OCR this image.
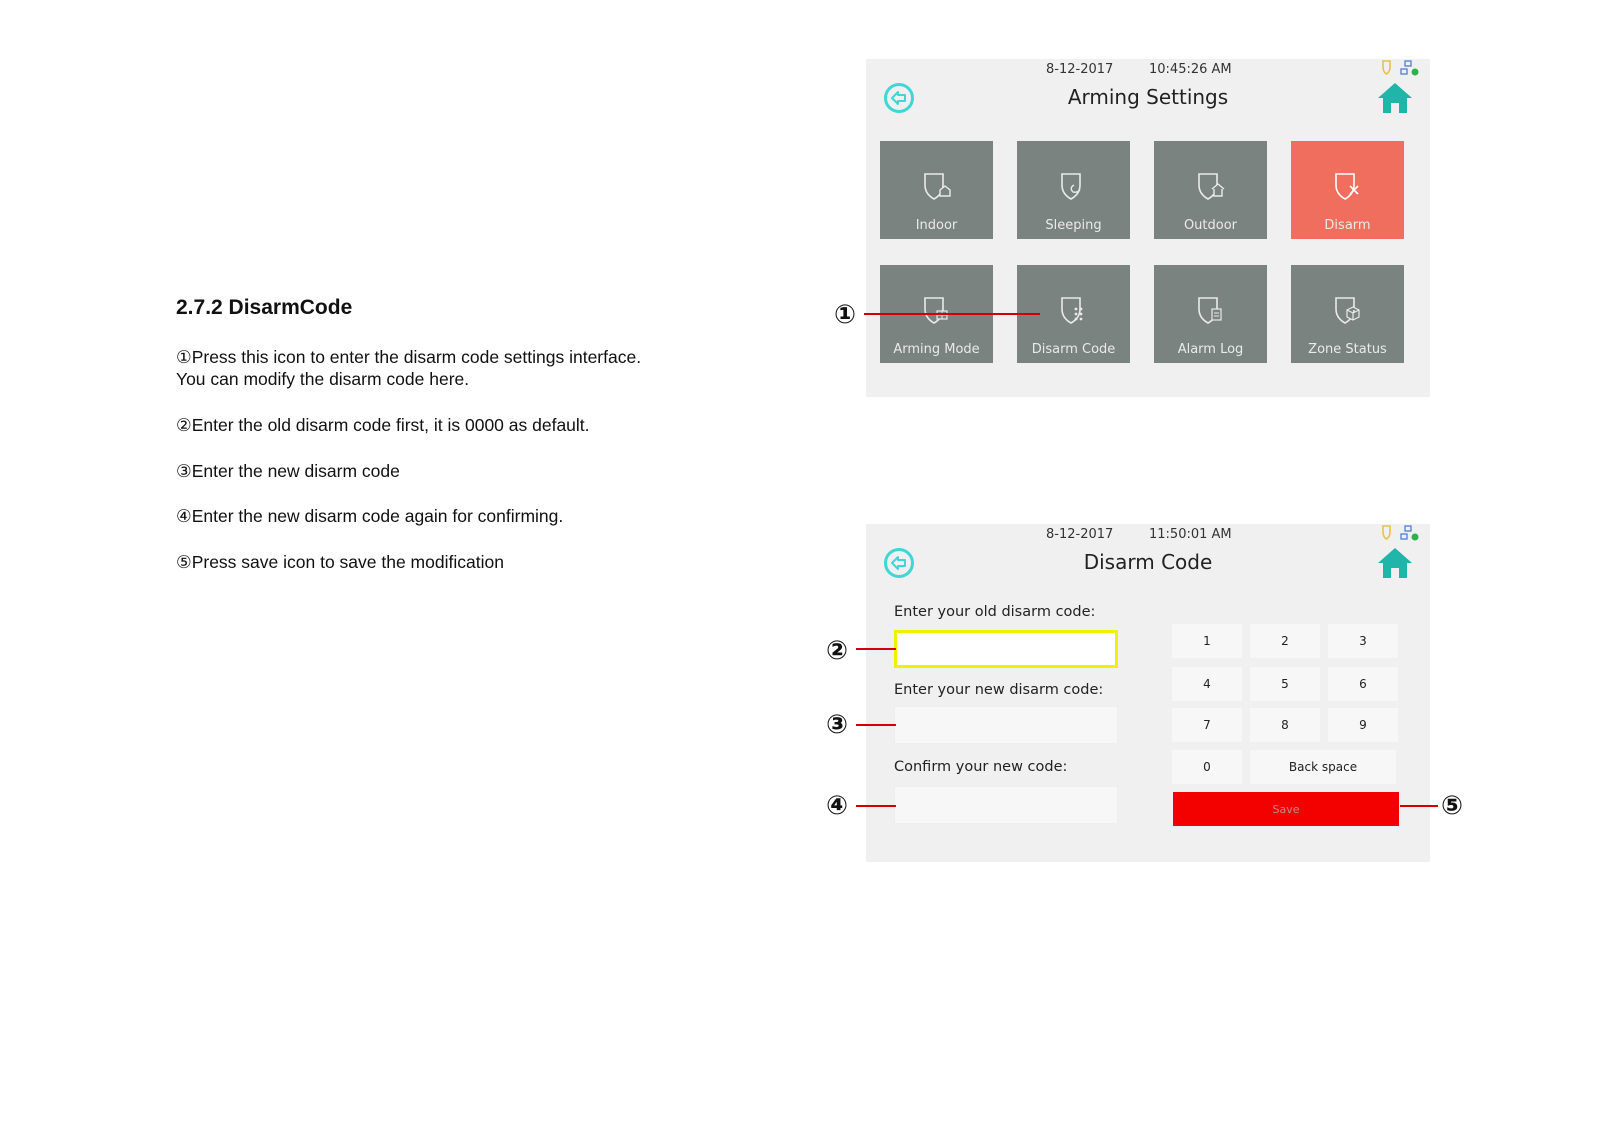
2.7.2 DisarmCode

①Press this icon to enter the disarm code settings interface.

You can modify the disarm code here.

②Enter the old disarm code first, it is 0000 as default.

③Enter the new disarm code

④Enter the new disarm code again for confirming.

⑤Press save icon to save the modification

8-12-2017	10:45:26 AM
Arming Settings
Indoor	Sleeping	Outdoor	Disarm
Arming Mode	Disarm Code	Alarm Log	Zone Status
①
8-12-2017	11:50:01 AM
Disarm Code
Enter your old disarm code:
Enter your new disarm code:
Confirm your new code:
1	2	3
4	5	6
7	8	9
0	Back space
Save
②
③
④	⑤
